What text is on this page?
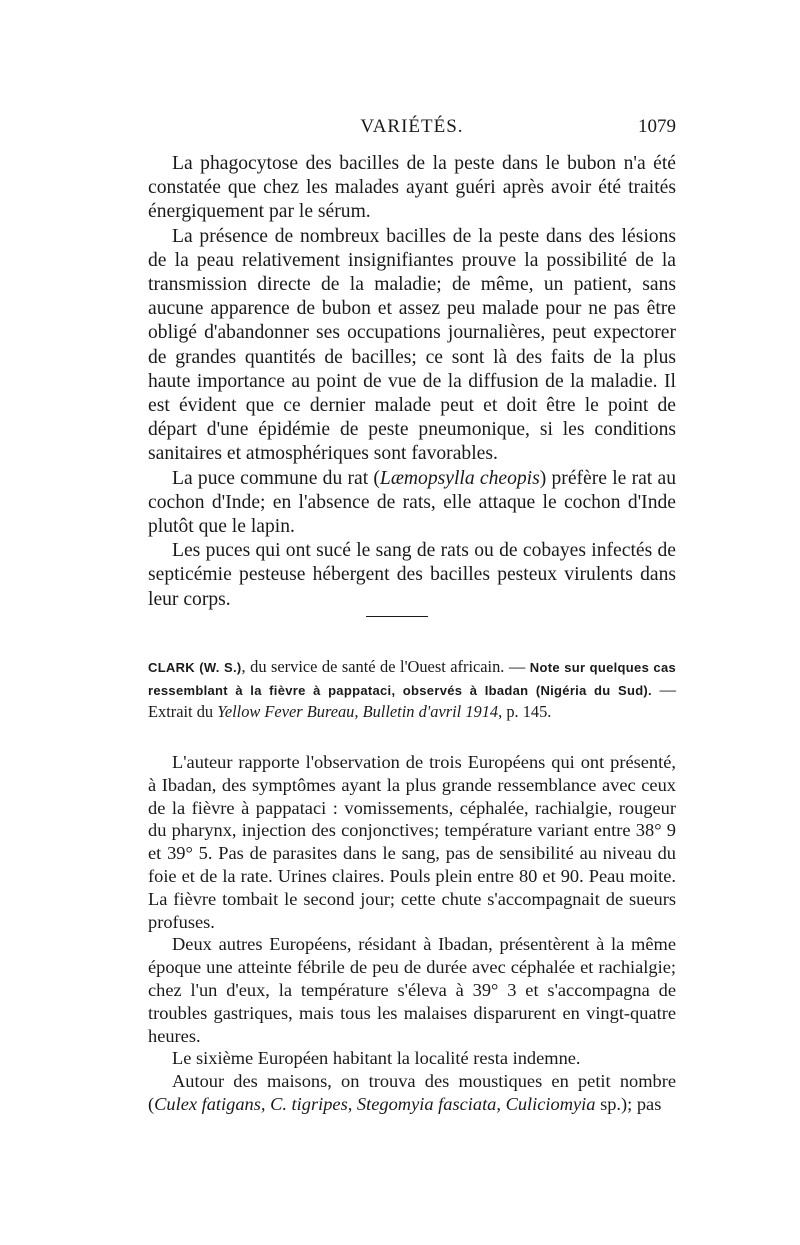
VARIÉTÉS.	1079

La phagocytose des bacilles de la peste dans le bubon n'a été constatée que chez les malades ayant guéri après avoir été traités énergiquement par le sérum.

La présence de nombreux bacilles de la peste dans des lésions de la peau relativement insignifiantes prouve la possibilité de la transmission directe de la maladie; de même, un patient, sans aucune apparence de bubon et assez peu malade pour ne pas être obligé d'abandonner ses occupations journalières, peut expectorer de grandes quantités de bacilles; ce sont là des faits de la plus haute importance au point de vue de la diffusion de la maladie. Il est évident que ce dernier malade peut et doit être le point de départ d'une épidémie de peste pneumonique, si les conditions sanitaires et atmosphériques sont favorables.

La puce commune du rat (Læmopsylla cheopis) préfère le rat au cochon d'Inde; en l'absence de rats, elle attaque le cochon d'Inde plutôt que le lapin.

Les puces qui ont sucé le sang de rats ou de cobayes infectés de septicémie pesteuse hébergent des bacilles pesteux virulents dans leur corps.

CLARK (W. S.), du service de santé de l'Ouest africain. — Note sur quelques cas ressemblant à la fièvre à pappataci, observés à Ibadan (Nigéria du Sud). — Extrait du Yellow Fever Bureau, Bulletin d'avril 1914, p. 145.

L'auteur rapporte l'observation de trois Européens qui ont présenté, à Ibadan, des symptômes ayant la plus grande ressemblance avec ceux de la fièvre à pappataci : vomissements, céphalée, rachialgie, rougeur du pharynx, injection des conjonctives; température variant entre 38° 9 et 39° 5. Pas de parasites dans le sang, pas de sensibilité au niveau du foie et de la rate. Urines claires. Pouls plein entre 80 et 90. Peau moite. La fièvre tombait le second jour; cette chute s'accompagnait de sueurs profuses.

Deux autres Européens, résidant à Ibadan, présentèrent à la même époque une atteinte fébrile de peu de durée avec céphalée et rachialgie; chez l'un d'eux, la température s'éleva à 39° 3 et s'accompagna de troubles gastriques, mais tous les malaises disparurent en vingt-quatre heures.

Le sixième Européen habitant la localité resta indemne.

Autour des maisons, on trouva des moustiques en petit nombre (Culex fatigans, C. tigripes, Stegomyia fasciata, Culiciomyia sp.); pas
